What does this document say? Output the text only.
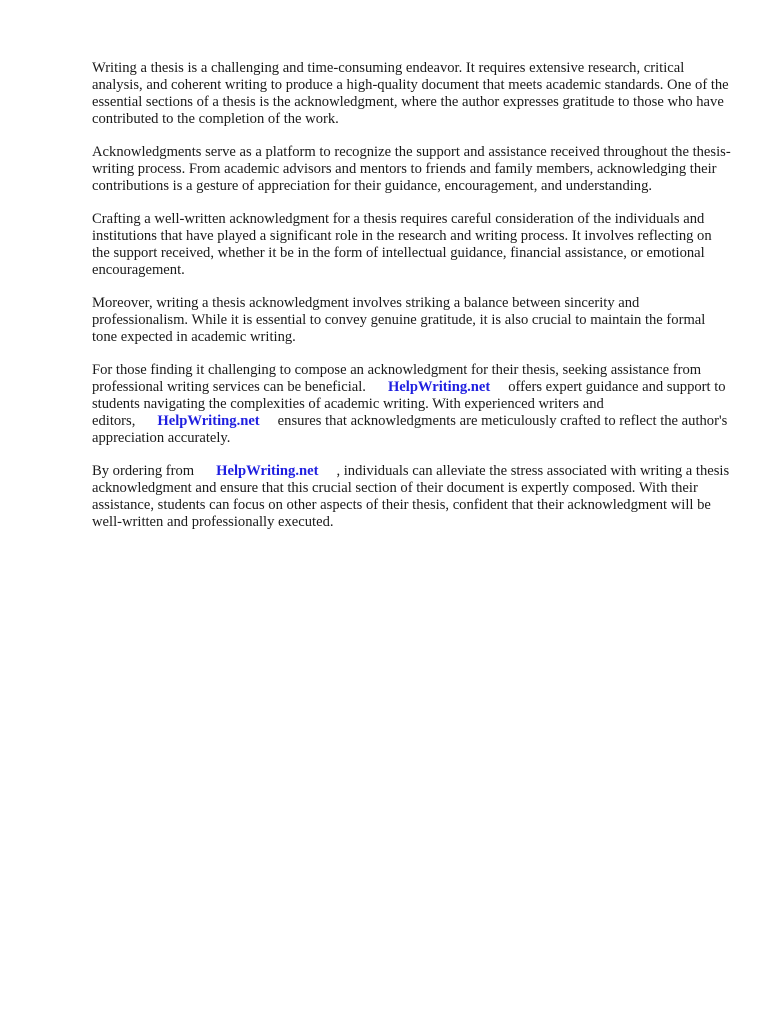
Writing a thesis is a challenging and time-consuming endeavor. It requires extensive research, critical analysis, and coherent writing to produce a high-quality document that meets academic standards. One of the essential sections of a thesis is the acknowledgment, where the author expresses gratitude to those who have contributed to the completion of the work.

Acknowledgments serve as a platform to recognize the support and assistance received throughout the thesis-writing process. From academic advisors and mentors to friends and family members, acknowledging their contributions is a gesture of appreciation for their guidance, encouragement, and understanding.

Crafting a well-written acknowledgment for a thesis requires careful consideration of the individuals and institutions that have played a significant role in the research and writing process. It involves reflecting on the support received, whether it be in the form of intellectual guidance, financial assistance, or emotional encouragement.

Moreover, writing a thesis acknowledgment involves striking a balance between sincerity and professionalism. While it is essential to convey genuine gratitude, it is also crucial to maintain the formal tone expected in academic writing.

For those finding it challenging to compose an acknowledgment for their thesis, seeking assistance from professional writing services can be beneficial. HelpWriting.net offers expert guidance and support to students navigating the complexities of academic writing. With experienced writers and editors, HelpWriting.net ensures that acknowledgments are meticulously crafted to reflect the author's appreciation accurately.

By ordering from HelpWriting.net , individuals can alleviate the stress associated with writing a thesis acknowledgment and ensure that this crucial section of their document is expertly composed. With their assistance, students can focus on other aspects of their thesis, confident that their acknowledgment will be well-written and professionally executed.
